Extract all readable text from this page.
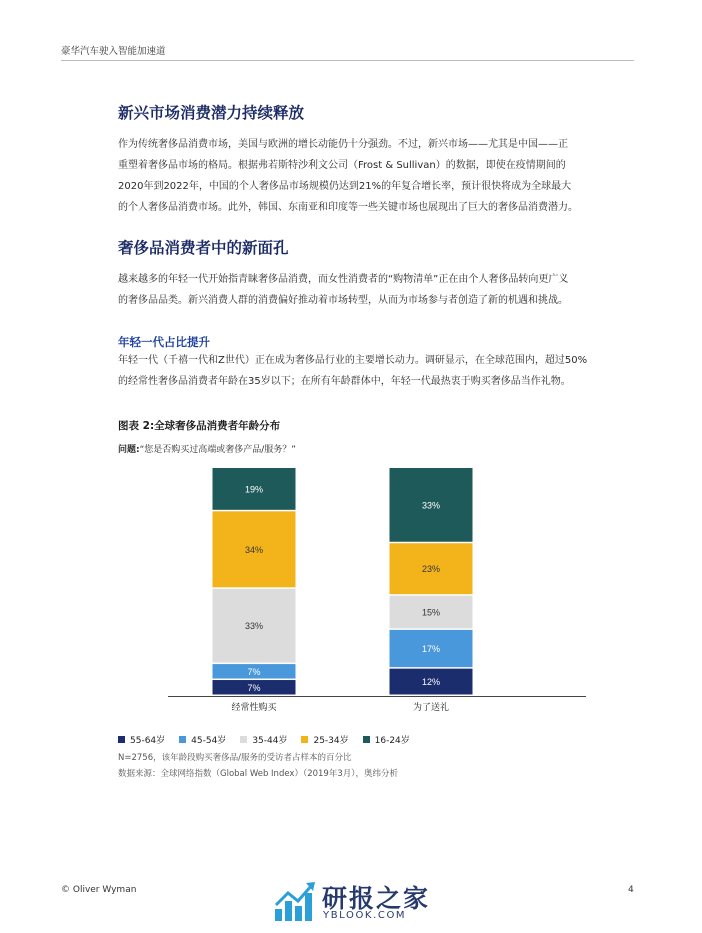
豪华汽车驶入智能加速道
新兴市场消费潜力持续释放

作为传统奢侈品消费市场，美国与欧洲的增长动能仍十分强劲。不过，新兴市场——尤其是中国——正
重塑着奢侈品市场的格局。根据弗若斯特沙利文公司（Frost & Sullivan）的数据，即使在疫情期间的
2020年到2022年，中国的个人奢侈品市场规模仍达到21%的年复合增长率，预计很快将成为全球最大
的个人奢侈品消费市场。此外，韩国、东南亚和印度等一些关键市场也展现出了巨大的奢侈品消费潜力。

奢侈品消费者中的新面孔

越来越多的年轻一代开始指青睐奢侈品消费，而女性消费者的“购物清单”正在由个人奢侈品转向更广义
的奢侈品品类。新兴消费人群的消费偏好推动着市场转型，从而为市场参与者创造了新的机遇和挑战。

年轻一代占比提升

年轻一代（千禧一代和Z世代）正在成为奢侈品行业的主要增长动力。调研显示，在全球范围内，超过50%
的经常性奢侈品消费者年龄在35岁以下；在所有年龄群体中，年轻一代最热衷于购买奢侈品当作礼物。

图表 2:全球奢侈品消费者年龄分布
问题:“您是否购买过高端或奢侈产品/服务？”
7%
7%
33%
34%
19%
经常性购买
12%
17%
15%
23%
33%
为了送礼
55-64岁	45-54岁	35-44岁	25-34岁	16-24岁
N=2756，该年龄段购买奢侈品/服务的受访者占样本的百分比
数据来源：全球网络指数（Global Web Index）（2019年3月），奥纬分析
© Oliver Wyman	4
研报之家
YBLOOK.COM
